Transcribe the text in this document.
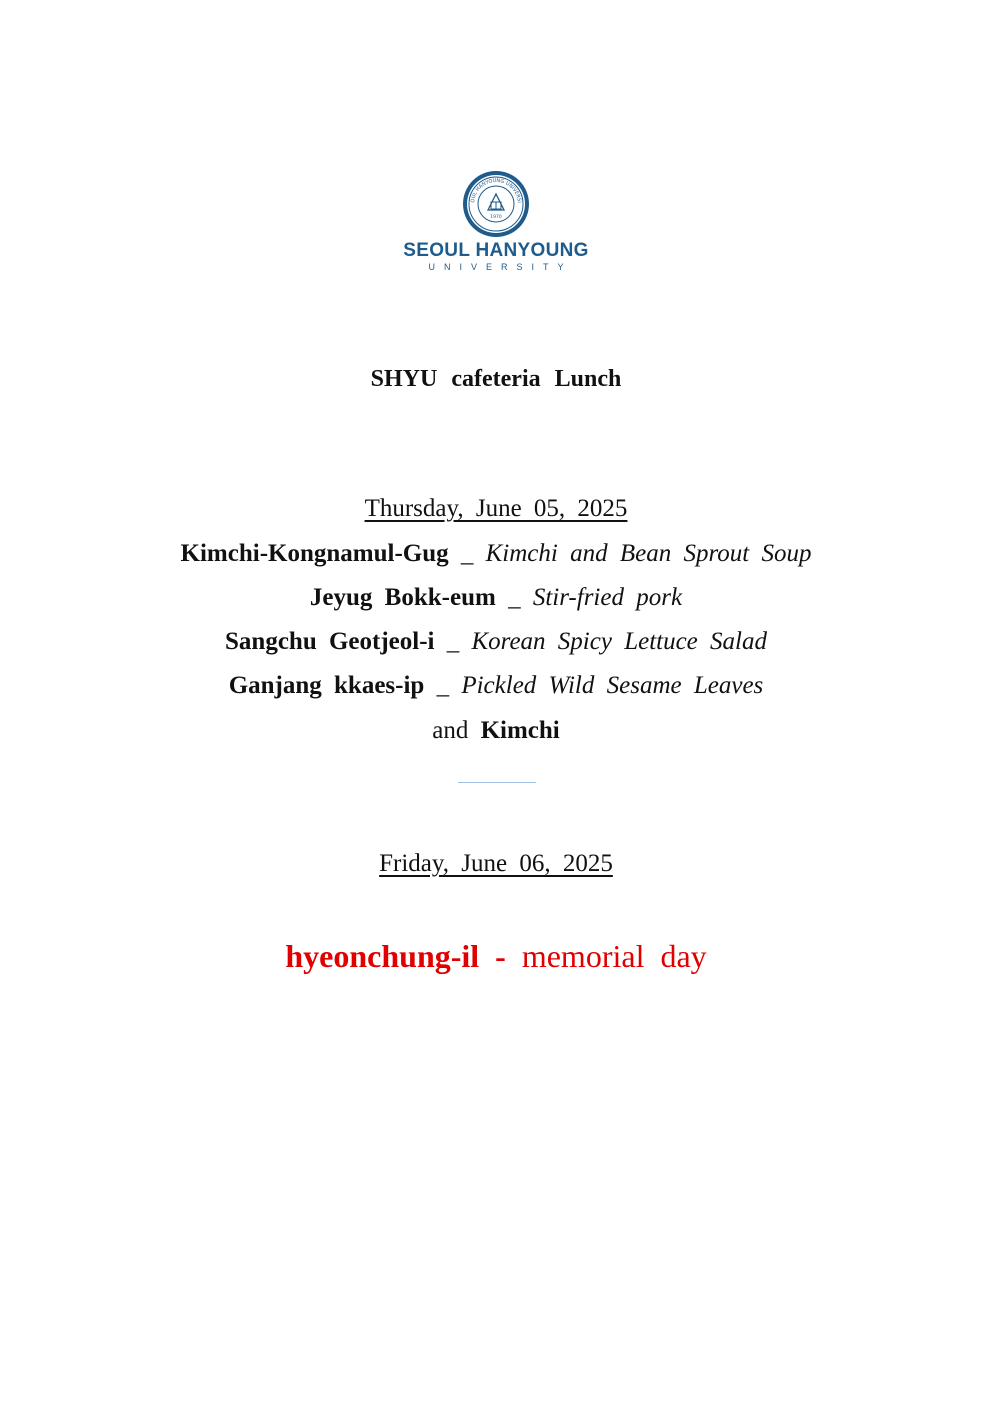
OUL HANYOUNG UNIVERSI
1970
SEOUL HANYOUNG
UNIVERSITY
SHYU cafeteria Lunch
Thursday, June 05, 2025
Kimchi-Kongnamul-Gug _ Kimchi and Bean Sprout Soup
Jeyug Bokk-eum _ Stir-fried pork
Sangchu Geotjeol-i _ Korean Spicy Lettuce Salad
Ganjang kkaes-ip _ Pickled Wild Sesame Leaves
and Kimchi
Friday, June 06, 2025
hyeonchung-il - memorial day
